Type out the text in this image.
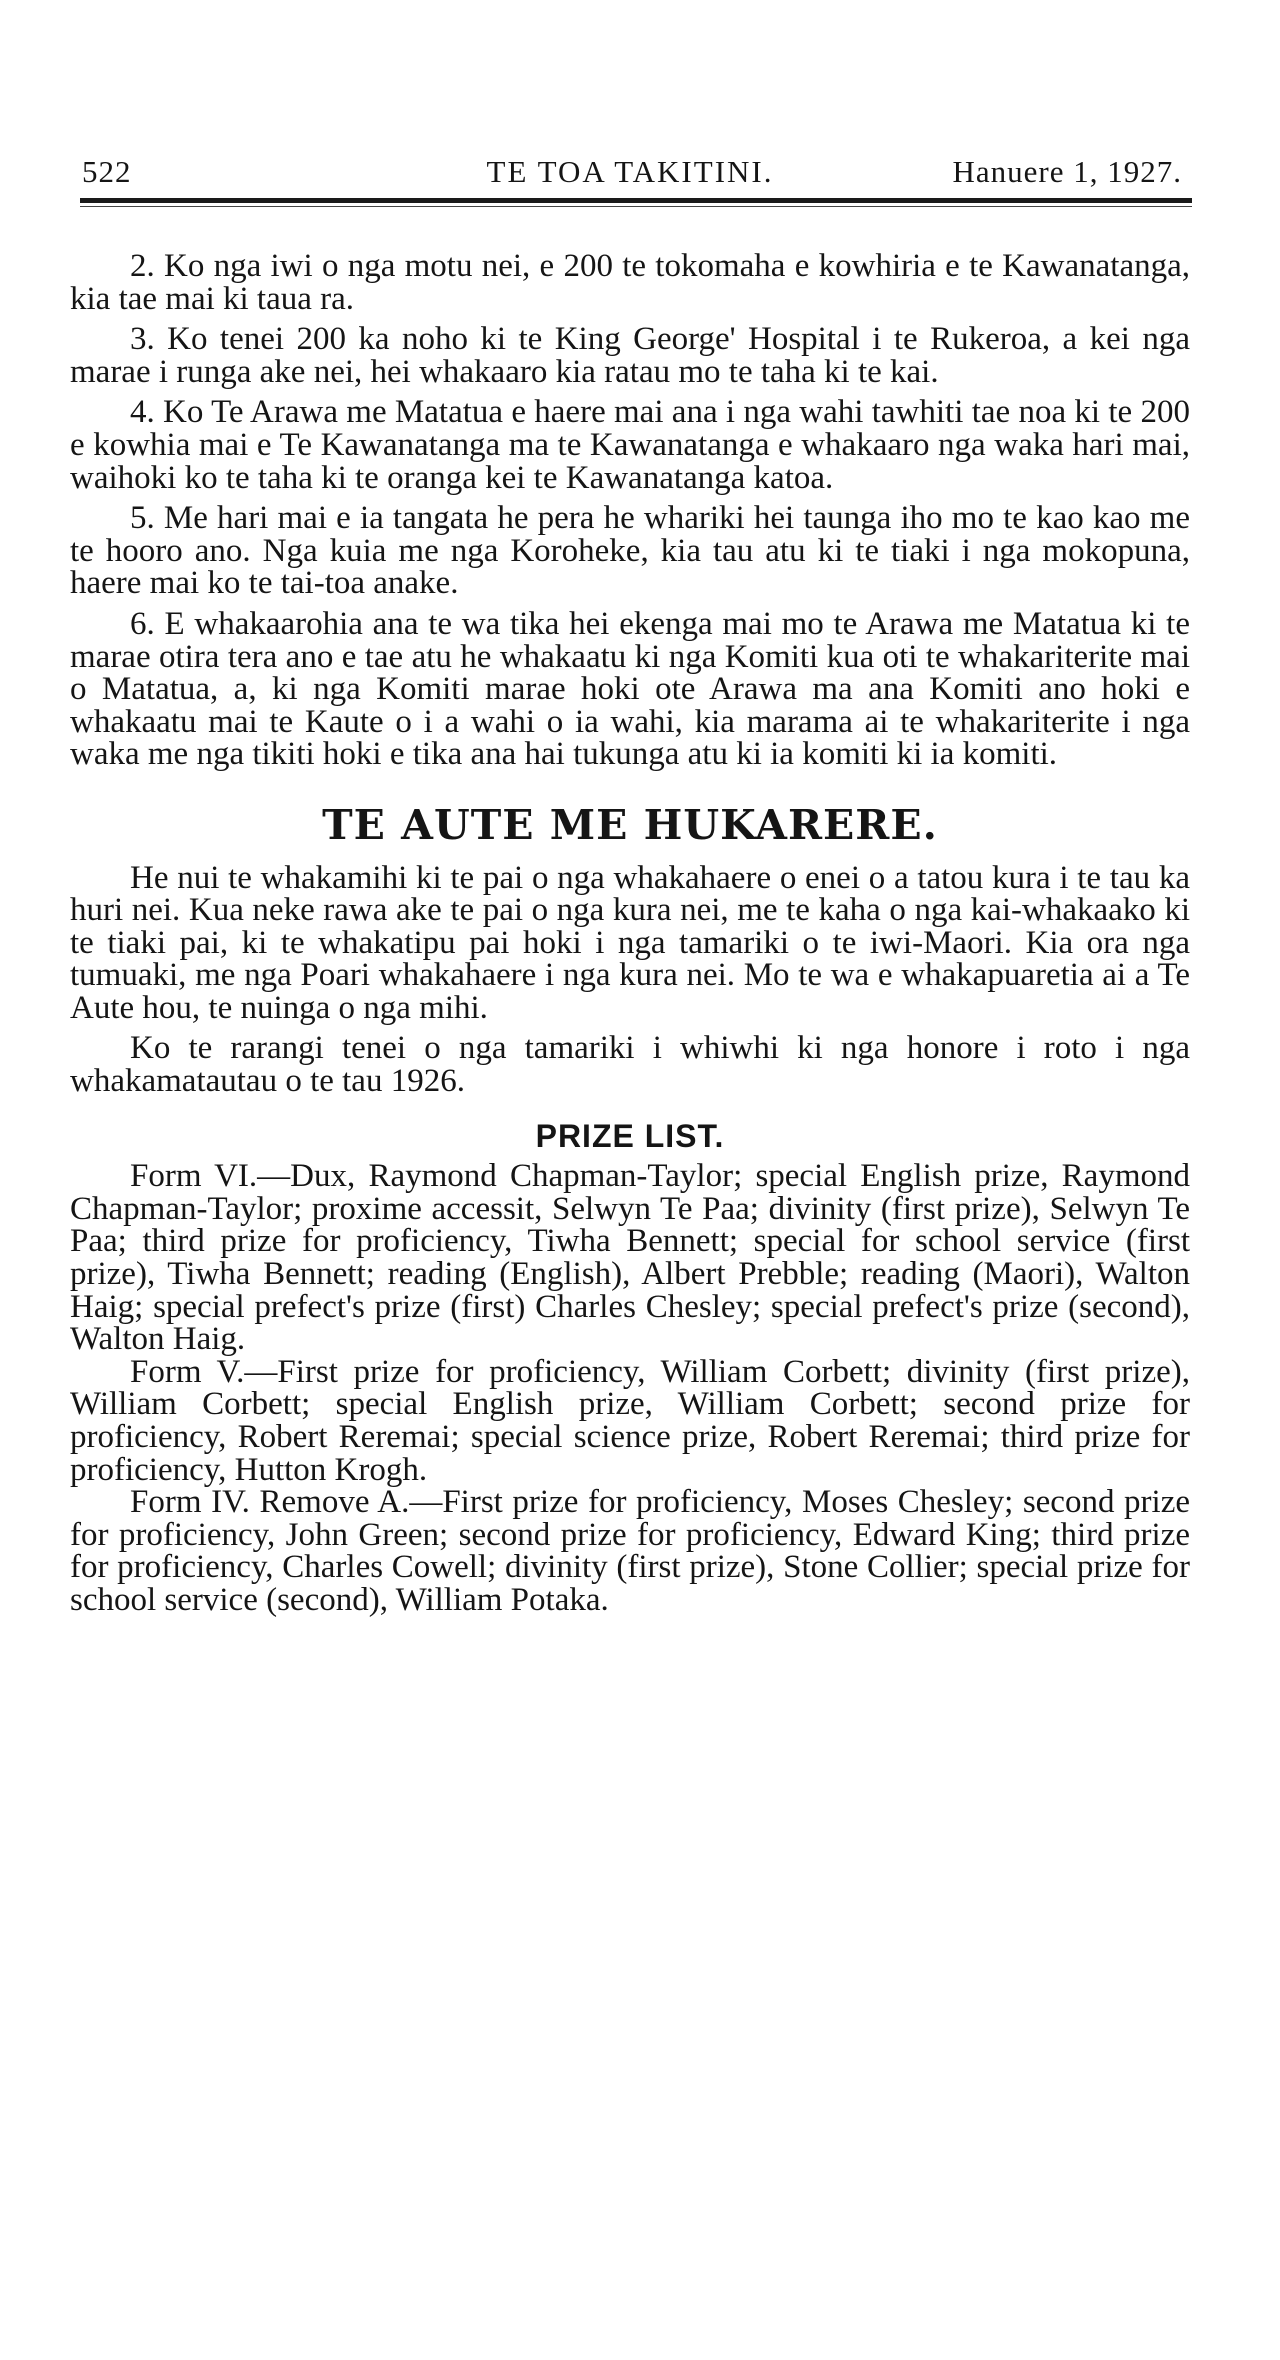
522	TE TOA TAKITINI.	Hanuere 1, 1927.

2. Ko nga iwi o nga motu nei, e 200 te tokomaha e kowhiria e te Kawanatanga, kia tae mai ki taua ra.

3. Ko tenei 200 ka noho ki te King George' Hospital i te Rukeroa, a kei nga marae i runga ake nei, hei whakaaro kia ratau mo te taha ki te kai.

4. Ko Te Arawa me Matatua e haere mai ana i nga wahi tawhiti tae noa ki te 200 e kowhia mai e Te Kawanatanga ma te Kawanatanga e whakaaro nga waka hari mai, waihoki ko te taha ki te oranga kei te Kawanatanga katoa.

5. Me hari mai e ia tangata he pera he whariki hei taunga iho mo te kao kao me te hooro ano. Nga kuia me nga Koroheke, kia tau atu ki te tiaki i nga mokopuna, haere mai ko te tai-toa anake.

6. E whakaarohia ana te wa tika hei ekenga mai mo te Arawa me Matatua ki te marae otira tera ano e tae atu he whakaatu ki nga Komiti kua oti te whakariterite mai o Matatua, a, ki nga Komiti marae hoki ote Arawa ma ana Komiti ano hoki e whakaatu mai te Kaute o i a wahi o ia wahi, kia marama ai te whakariterite i nga waka me nga tikiti hoki e tika ana hai tukunga atu ki ia komiti ki ia komiti.

TE AUTE ME HUKARERE.

He nui te whakamihi ki te pai o nga whakahaere o enei o a tatou kura i te tau ka huri nei. Kua neke rawa ake te pai o nga kura nei, me te kaha o nga kai-whakaako ki te tiaki pai, ki te whakatipu pai hoki i nga tamariki o te iwi-Maori. Kia ora nga tumuaki, me nga Poari whakahaere i nga kura nei. Mo te wa e whakapuaretia ai a Te Aute hou, te nuinga o nga mihi.

Ko te rarangi tenei o nga tamariki i whiwhi ki nga honore i roto i nga whakamatautau o te tau 1926.

PRIZE LIST.

Form VI.—Dux, Raymond Chapman-Taylor; special English prize, Raymond Chapman-Taylor; proxime accessit, Selwyn Te Paa; divinity (first prize), Selwyn Te Paa; third prize for proficiency, Tiwha Bennett; special for school service (first prize), Tiwha Bennett; reading (English), Albert Prebble; reading (Maori), Walton Haig; special prefect's prize (first) Charles Chesley; special prefect's prize (second), Walton Haig.

Form V.—First prize for proficiency, William Corbett; divinity (first prize), William Corbett; special English prize, William Corbett; second prize for proficiency, Robert Reremai; special science prize, Robert Reremai; third prize for proficiency, Hutton Krogh.

Form IV. Remove A.—First prize for proficiency, Moses Chesley; second prize for proficiency, John Green; second prize for proficiency, Edward King; third prize for proficiency, Charles Cowell; divinity (first prize), Stone Collier; special prize for school service (second), William Potaka.
